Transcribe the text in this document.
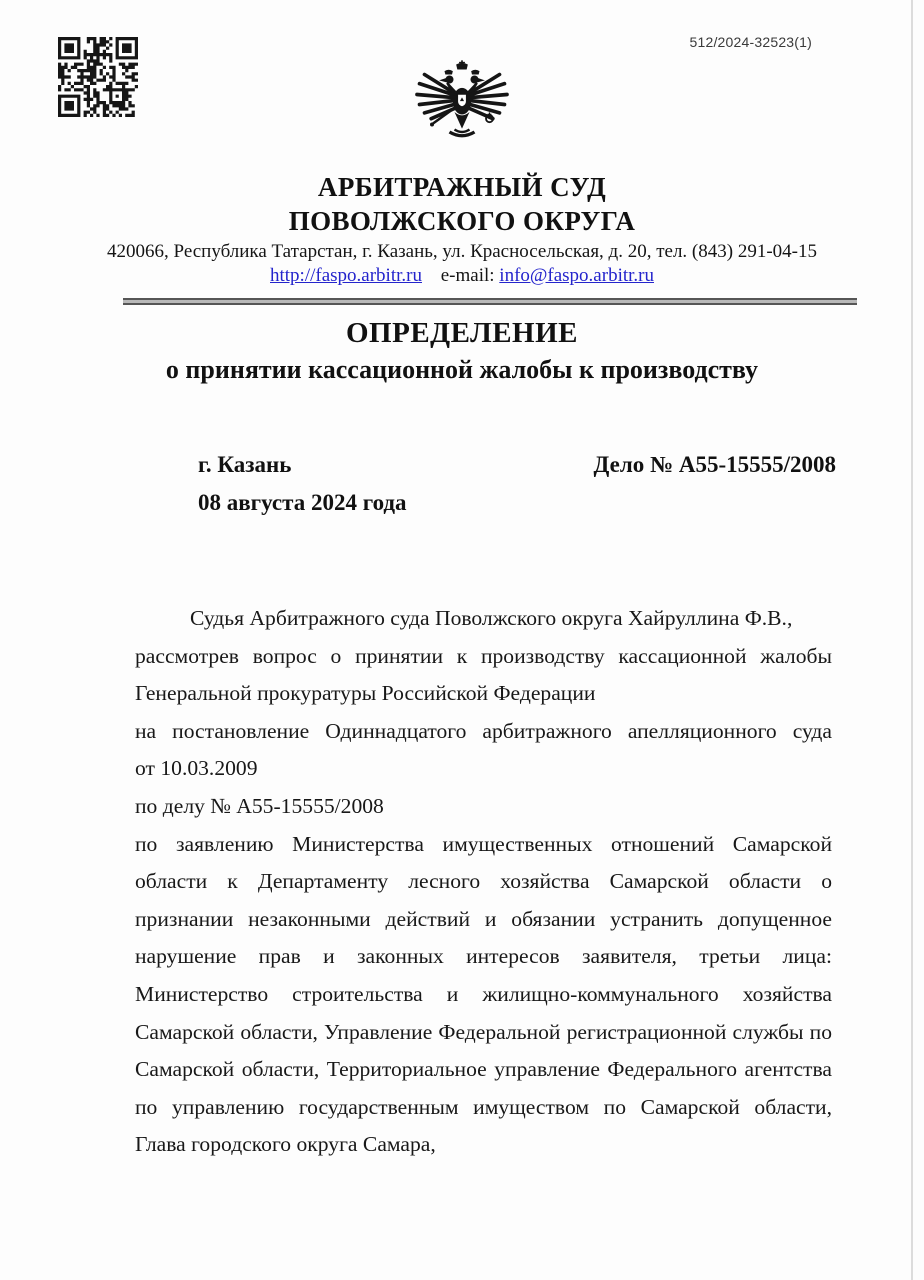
512/2024-32523(1)
АРБИТРАЖНЫЙ СУД
ПОВОЛЖСКОГО ОКРУГА
420066, Республика Татарстан, г. Казань, ул. Красносельская, д. 20, тел. (843) 291-04-15
http://faspo.arbitr.ru e-mail: info@faspo.arbitr.ru
ОПРЕДЕЛЕНИЕ
о принятии кассационной жалобы к производству
г. Казань	Дело № А55-15555/2008
08 августа 2024 года
Судья Арбитражного суда Поволжского округа Хайруллина Ф.В.,
рассмотрев вопрос о принятии к производству кассационной жалобы
Генеральной прокуратуры Российской Федерации
на постановление Одиннадцатого арбитражного апелляционного суда
от 10.03.2009
по делу № А55-15555/2008
по заявлению Министерства имущественных отношений Самарской
области к Департаменту лесного хозяйства Самарской области о
признании незаконными действий и обязании устранить допущенное
нарушение прав и законных интересов заявителя, третьи лица:
Министерство строительства и жилищно-коммунального хозяйства
Самарской области, Управление Федеральной регистрационной службы по
Самарской области, Территориальное управление Федерального агентства
по управлению государственным имуществом по Самарской области,
Глава городского округа Самара,
